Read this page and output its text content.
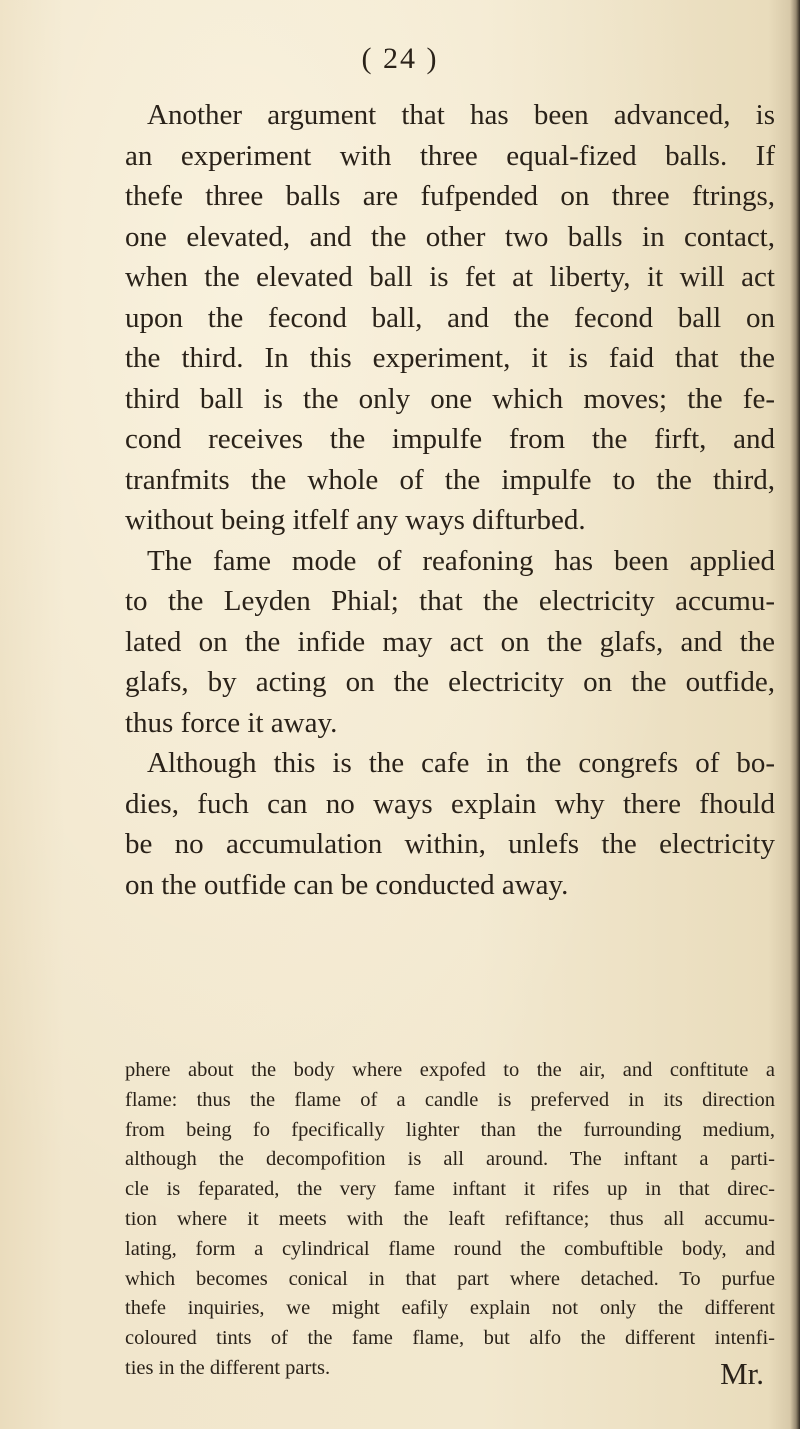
( 24 )
Another argument that has been advanced, is
an experiment with three equal-fized balls. If
thefe three balls are fufpended on three ftrings,
one elevated, and the other two balls in contact,
when the elevated ball is fet at liberty, it will act
upon the fecond ball, and the fecond ball on
the third. In this experiment, it is faid that the
third ball is the only one which moves; the fe-
cond receives the impulfe from the firft, and
tranfmits the whole of the impulfe to the third,
without being itfelf any ways difturbed.
The fame mode of reafoning has been applied
to the Leyden Phial; that the electricity accumu-
lated on the infide may act on the glafs, and the
glafs, by acting on the electricity on the outfide,
thus force it away.
Although this is the cafe in the congrefs of bo-
dies, fuch can no ways explain why there fhould
be no accumulation within, unlefs the electricity
on the outfide can be conducted away.
phere about the body where expofed to the air, and conftitute a
flame: thus the flame of a candle is preferved in its direction
from being fo fpecifically lighter than the furrounding medium,
although the decompofition is all around. The inftant a parti-
cle is feparated, the very fame inftant it rifes up in that direc-
tion where it meets with the leaft refiftance; thus all accumu-
lating, form a cylindrical flame round the combuftible body, and
which becomes conical in that part where detached. To purfue
thefe inquiries, we might eafily explain not only the different
coloured tints of the fame flame, but alfo the different intenfi-
ties in the different parts.	Mr.
